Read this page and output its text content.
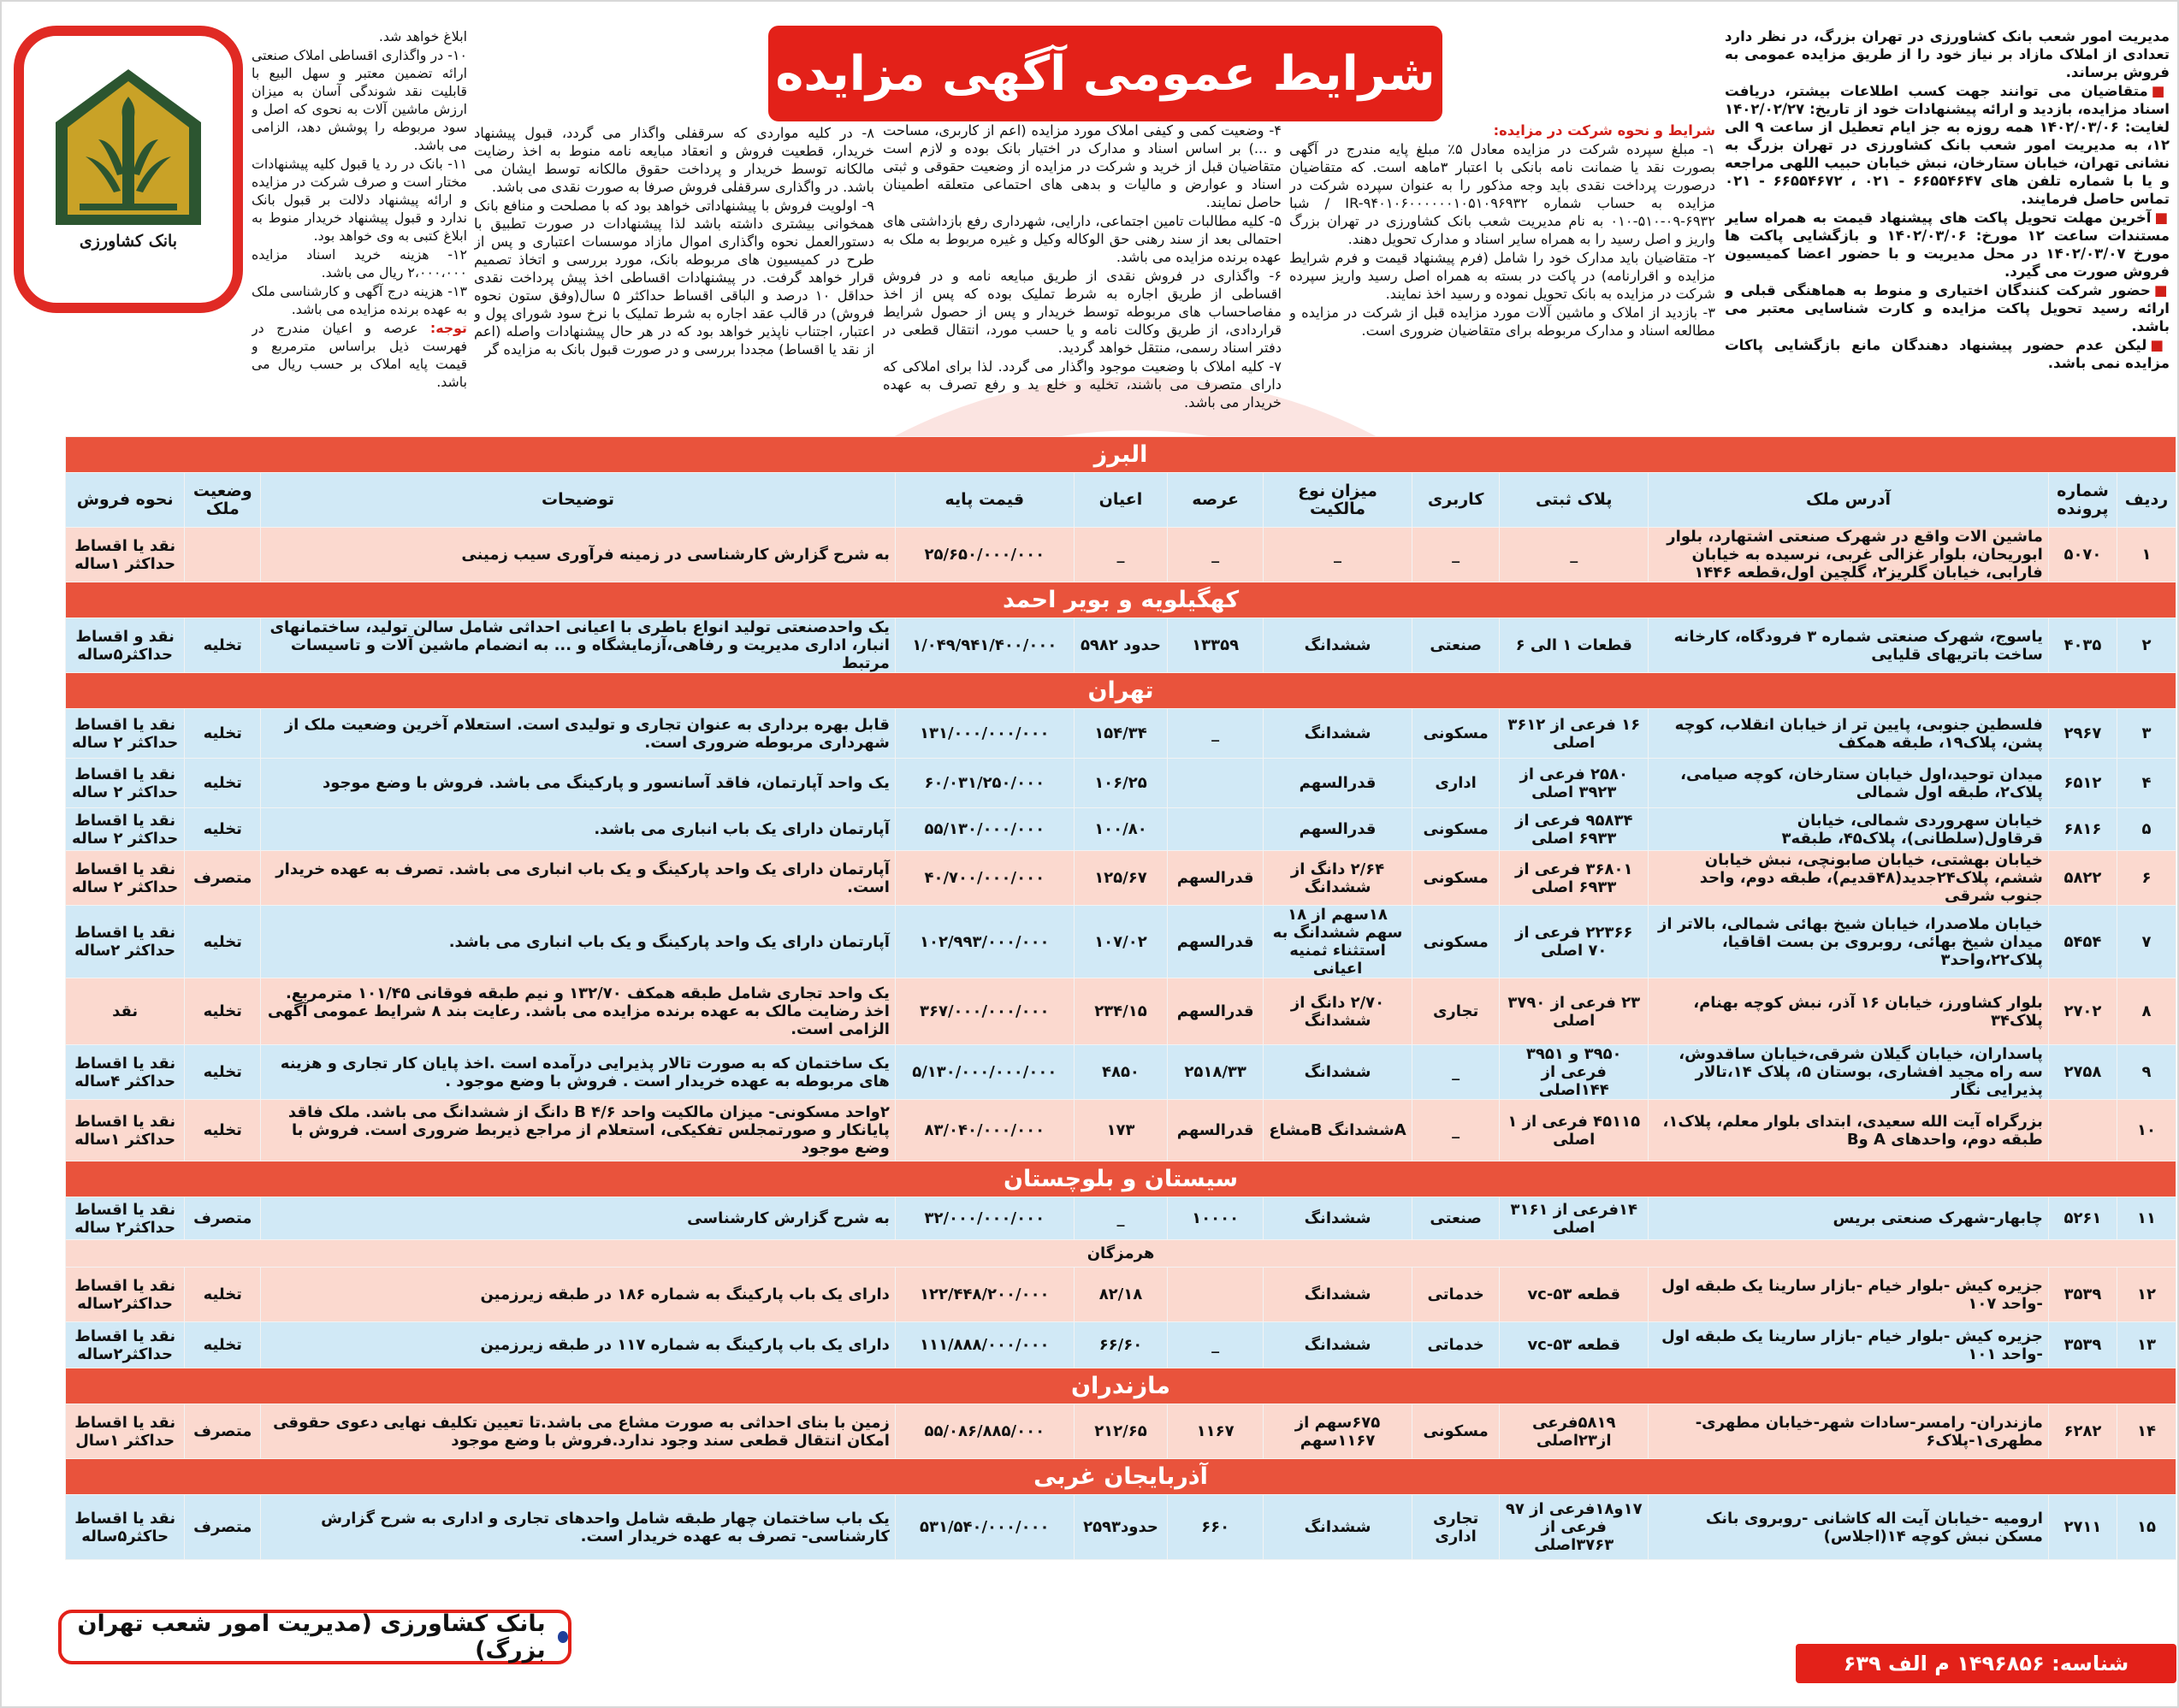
مدیریت امور شعب بانک کشاورزی در تهران بزرگ، در نظر دارد تعدادی از املاک مازاد بر نیاز خود را از طریق مزایده عمومی به فروش برساند.

■متقاضیان می توانند جهت کسب اطلاعات بیشتر، دریافت اسناد مزایده، بازدید و ارائه پیشنهادات خود از تاریخ: ۱۴۰۲/۰۲/۲۷ لغایت: ۱۴۰۲/۰۳/۰۶ همه روزه به جز ایام تعطیل از ساعت ۹ الی ۱۲، به مدیریت امور شعب بانک کشاورزی در تهران بزرگ به نشانی تهران، خیابان ستارخان، نبش خیابان حبیب اللهی مراجعه و یا با شماره تلفن های ۶۶۵۵۴۶۴۷ - ۰۲۱ ، ۶۶۵۵۴۶۷۲ - ۰۲۱ تماس حاصل فرمایند.

■آخرین مهلت تحویل پاکت های پیشنهاد قیمت به همراه سایر مستندات ساعت ۱۲ مورخ: ۱۴۰۲/۰۳/۰۶ و بازگشایی پاکت ها مورخ ۱۴۰۲/۰۳/۰۷ در محل مدیریت و با حضور اعضا کمیسیون فروش صورت می گیرد.

■حضور شرکت کنندگان اختیاری و منوط به هماهنگی قبلی و ارائه رسید تحویل پاکت مزایده و کارت شناسایی معتبر می باشد.

■لیکن عدم حضور پیشنهاد دهندگان مانع بازگشایی پاکات مزایده نمی باشد.

شرایط عمومی آگهی مزایده

شرایط و نحوه شرکت در مزایده:

۱- مبلغ سپرده شرکت در مزایده معادل ۵٪ مبلغ پایه مندرج در آگهی بصورت نقد یا ضمانت نامه بانکی با اعتبار ۳ماهه است. که متقاضیان درصورت پرداخت نقدی باید وجه مذکور را به عنوان سپرده شرکت در مزایده به حساب شماره IR-۹۴۰۱۰۶۰۰۰۰۰۰۱۰۵۱۰۹۶۹۳۲ / شبا ۶۹۳۲-۰۹-۵۱۰-۰۱۰ به نام مدیریت شعب بانک کشاورزی در تهران بزرگ واریز و اصل رسید را به همراه سایر اسناد و مدارک تحویل دهند.

۲- متقاضیان باید مدارک خود را شامل (فرم پیشنهاد قیمت و فرم شرایط مزایده و اقرارنامه) در پاکت در بسته به همراه اصل رسید واریز سپرده شرکت در مزایده به بانک تحویل نموده و رسید اخذ نمایند.

۳- بازدید از املاک و ماشین آلات مورد مزایده قبل از شرکت در مزایده و مطالعه اسناد و مدارک مربوطه برای متقاضیان ضروری است.

۴- وضعیت کمی و کیفی املاک مورد مزایده (اعم از کاربری، مساحت و ...) بر اساس اسناد و مدارک در اختیار بانک بوده و لازم است متقاضیان قبل از خرید و شرکت در مزایده از وضعیت حقوقی و ثبتی اسناد و عوارض و مالیات و بدهی های احتماعی متعلقه اطمینان حاصل نمایند.

۵- کلیه مطالبات تامین اجتماعی، دارایی، شهرداری رفع بازداشتی های احتمالی بعد از سند رهنی حق الوکاله وکیل و غیره مربوط به ملک به عهده برنده مزایده می باشد.

۶- واگذاری در فروش نقدی از طریق مبایعه نامه و در فروش اقساطی از طریق اجاره به شرط تملیک بوده که پس از اخذ مفاصاحساب های مربوطه توسط خریدار و پس از حصول شرایط قراردادی، از طریق وکالت نامه و یا حسب مورد، انتقال قطعی در دفتر اسناد رسمی، منتقل خواهد گردید.

۷- کلیه املاک با وضعیت موجود واگذار می گردد. لذا برای املاکی که دارای متصرف می باشند، تخلیه و خلع ید و رفع تصرف به عهده خریدار می باشد.

۸- در کلیه مواردی که سرقفلی واگذار می گردد، قبول پیشنهاد خریدار، قطعیت فروش و انعقاد مبایعه نامه منوط به اخذ رضایت مالکانه توسط خریدار و پرداخت حقوق مالکانه توسط ایشان می باشد. در واگذاری سرقفلی فروش صرفا به صورت نقدی می باشد.

۹- اولویت فروش با پیشنهاداتی خواهد بود که با مصلحت و منافع بانک همخوانی بیشتری داشته باشد لذا پیشنهادات در صورت تطبیق با دستورالعمل نحوه واگذاری اموال مازاد موسسات اعتباری و پس از طرح در کمیسیون های مربوطه بانک، مورد بررسی و اتخاذ تصمیم قرار خواهد گرفت. در پیشنهادات اقساطی اخذ پیش پرداخت نقدی حداقل ۱۰ درصد و الباقی اقساط حداکثر ۵ سال(وفق ستون نحوه فروش) در قالب عقد اجاره به شرط تملیک با نرخ سود شورای پول و اعتبار، اجتناب ناپذیر خواهد بود که در هر حال پیشنهادات واصله (اعم از نقد یا اقساط) مجددا بررسی و در صورت قبول بانک به مزایده گر

ابلاغ خواهد شد.

۱۰- در واگذاری اقساطی املاک صنعتی ارائه تضمین معتبر و سهل البیع با قابلیت نقد شوندگی آسان به میزان ارزش ماشین آلات به نحوی که اصل و سود مربوطه را پوشش دهد، الزامی می باشد.

۱۱- بانک در رد یا قبول کلیه پیشنهادات مختار است و صرف شرکت در مزایده و ارائه پیشنهاد دلالت بر قبول بانک ندارد و قبول پیشنهاد خریدار منوط به ابلاغ کتبی به وی خواهد بود.

۱۲- هزینه خرید اسناد مزایده ۲،۰۰۰،۰۰۰ ریال می باشد.

۱۳- هزینه درج آگهی و کارشناسی ملک به عهده برنده مزایده می باشد.

توجه: عرصه و اعیان مندرج در فهرست ذیل براساس مترمربع و قیمت پایه املاک بر حسب ریال می باشد.

بانک کشاورزی
البرز											
ردیف	شماره پرونده	آدرس ملک	پلاک ثبتی	کاربری	میزان نوع مالکیت	عرصه	اعیان	قیمت پایه	توضیحات	وضعیت ملک	نحوه فروش
۱	۵۰۷۰	ماشین الات واقع در شهرک صنعتی اشتهارد، بلوار ابوریحان، بلوار غزالی غربی، نرسیده به خیابان فارابی، خیابان گلریز۲، گلچین اول،قطعه ۱۴۴۶	_	_	_	_	_	۲۵/۶۵۰/۰۰۰/۰۰۰	به شرح گزارش کارشناسی در زمینه فرآوری سیب زمینی		نقد یا اقساط حداکثر ۱ساله
کهگیلویه و بویر احمد											
۲	۴۰۳۵	یاسوج، شهرک صنعتی شماره ۳ فرودگاه، کارخانه ساخت باتریهای قلیایی	قطعات ۱ الی ۶	صنعتی	ششدانگ	۱۳۳۵۹	حدود ۵۹۸۲	۱/۰۴۹/۹۴۱/۴۰۰/۰۰۰	یک واحدصنعتی تولید انواع باطری با اعیانی احداثی شامل سالن تولید، ساختمانهای انبار، اداری مدیریت و رفاهی،آزمایشگاه و ... به انضمام ماشین آلات و تاسیسات مرتبط	تخلیه	نقد و اقساط حداکثر۵ساله
تهران											
۳	۲۹۶۷	فلسطین جنوبی، پایین تر از خیابان انقلاب، کوچه پشن، پلاک۱۹، طبقه همکف	۱۶ فرعی از ۳۶۱۲ اصلی	مسکونی	ششدانگ	_	۱۵۴/۳۴	۱۳۱/۰۰۰/۰۰۰/۰۰۰	قابل بهره برداری به عنوان تجاری و تولیدی است. استعلام آخرین وضعیت ملک از شهرداری مربوطه ضروری است.	تخلیه	نقد یا اقساط حداکثر ۲ ساله
۴	۶۵۱۲	میدان توحید،اول خیابان ستارخان، کوچه صیامی، پلاک۲، طبقه اول شمالی	۲۵۸۰ فرعی از ۳۹۲۳ اصلی	اداری	قدرالسهم		۱۰۶/۲۵	۶۰/۰۳۱/۲۵۰/۰۰۰	یک واحد آپارتمان، فاقد آسانسور و پارکینگ می باشد. فروش با وضع موجود	تخلیه	نقد یا اقساط حداکثر ۲ ساله
۵	۶۸۱۶	خیابان سهروردی شمالی، خیابان قرقاول(سلطانی)، پلاک۴۵، طبقه۳	۹۵۸۳۴ فرعی از ۶۹۳۳ اصلی	مسکونی	قدرالسهم		۱۰۰/۸۰	۵۵/۱۳۰/۰۰۰/۰۰۰	آپارتمان دارای یک باب انباری می باشد.	تخلیه	نقد یا اقساط حداکثر ۲ ساله
۶	۵۸۲۲	خیابان بهشتی، خیابان صابونچی، نبش خیابان ششم، پلاک۲۴جدید(۴۸قدیم)، طبقه دوم، واحد جنوب شرقی	۳۶۸۰۱ فرعی از ۶۹۳۳ اصلی	مسکونی	۲/۶۴ دانگ از ششدانگ	قدرالسهم	۱۲۵/۶۷	۴۰/۷۰۰/۰۰۰/۰۰۰	آپارتمان دارای یک واحد پارکینگ و یک باب انباری می باشد. تصرف به عهده خریدار است.	متصرف	نقد یا اقساط حداکثر ۲ ساله
۷	۵۴۵۴	خیابان ملاصدرا، خیابان شیخ بهائی شمالی، بالاتر از میدان شیخ بهائی، روبروی بن بست اقاقیا، پلاک۲۲،واحد۳	۲۲۳۶۶ فرعی از ۷۰ اصلی	مسکونی	۱۸سهم از ۱۸ سهم ششدانگ به استثناء ثمنیه اعیانی	قدرالسهم	۱۰۷/۰۲	۱۰۲/۹۹۳/۰۰۰/۰۰۰	آپارتمان دارای یک واحد پارکینگ و یک باب انباری می باشد.	تخلیه	نقد یا اقساط حداکثر ۲ساله
۸	۲۷۰۲	بلوار کشاورز، خیابان ۱۶ آذر، نبش کوچه بهنام، پلاک۳۴	۲۳ فرعی از ۳۷۹۰ اصلی	تجاری	۲/۷۰ دانگ از ششدانگ	قدرالسهم	۲۳۴/۱۵	۳۶۷/۰۰۰/۰۰۰/۰۰۰	یک واحد تجاری شامل طبقه همکف ۱۳۲/۷۰ و نیم طبقه فوقانی ۱۰۱/۴۵ مترمربع. اخذ رضایت مالک به عهده برنده مزایده می باشد. رعایت بند ۸ شرایط عمومی آگهی الزامی است.	تخلیه	نقد
۹	۲۷۵۸	پاسداران، خیابان گیلان شرقی،خیابان ساقدوش، سه راه مجید افشاری، بوستان ۵، پلاک ۱۴،تالار پذیرایی نگار	۳۹۵۰ و ۳۹۵۱ فرعی از ۱۴۴اصلی	_	ششدانگ	۲۵۱۸/۳۳	۴۸۵۰	۵/۱۳۰/۰۰۰/۰۰۰/۰۰۰	یک ساختمان که به صورت تالار پذیرایی درآمده است .اخذ پایان کار تجاری و هزینه های مربوطه به عهده خریدار است . فروش با وضع موجود .	تخلیه	نقد یا اقساط حداکثر ۴ساله
۱۰		بزرگراه آیت الله سعیدی، ابتدای بلوار معلم، پلاک۱، طبقه دوم، واحدهای A وB	۴۵۱۱۵ فرعی از ۱ اصلی	_	Aششدانگ Bمشاع	قدرالسهم	۱۷۳	۸۳/۰۴۰/۰۰۰/۰۰۰	۲واحد مسکونی- میزان مالکیت واحد B ۴/۶ دانگ از ششدانگ می باشد. ملک فاقد پایانکار و صورتمجلس تفکیکی، استعلام از مراجع ذیربط ضروری است. فروش با وضع موجود	تخلیه	نقد یا اقساط حداکثر ۱ساله
سیستان و بلوچستان											
۱۱	۵۲۶۱	چابهار-شهرک صنعتی بریس	۱۴فرعی از ۳۱۶۱ اصلی	صنعتی	ششدانگ	۱۰۰۰۰	_	۳۲/۰۰۰/۰۰۰/۰۰۰	به شرح گزارش کارشناسی	متصرف	نقد یا اقساط حداکثر۲ ساله
هرمزگان											
۱۲	۳۵۳۹	جزیره کیش -بلوار خیام -بازار سارینا یک طبقه اول -واحد ۱۰۷	قطعه ۵۳-vc	خدماتی	ششدانگ		۸۲/۱۸	۱۲۲/۴۴۸/۲۰۰/۰۰۰	دارای یک باب پارکینگ به شماره ۱۸۶ در طبقه زیرزمین	تخلیه	نقد یا اقساط حداکثر۲ساله
۱۳	۳۵۳۹	جزیره کیش -بلوار خیام -بازار سارینا یک طبقه اول -واحد ۱۰۱	قطعه ۵۳-vc	خدماتی	ششدانگ	_	۶۶/۶۰	۱۱۱/۸۸۸/۰۰۰/۰۰۰	دارای یک باب پارکینگ به شماره ۱۱۷ در طبقه زیرزمین	تخلیه	نقد یا اقساط حداکثر۲ساله
مازندران											
۱۴	۶۲۸۲	مازندران- رامسر-سادات شهر-خیابان مطهری-مطهری۱-پلاک۶	۵۸۱۹فرعی از۲۳اصلی	مسکونی	۶۷۵سهم از ۱۱۶۷سهم	۱۱۶۷	۲۱۲/۶۵	۵۵/۰۸۶/۸۸۵/۰۰۰	زمین با بنای احداثی به صورت مشاع می باشد.تا تعیین تکلیف نهایی دعوی حقوقی امکان انتقال قطعی سند وجود ندارد.فروش با وضع موجود	متصرف	نقد یا اقساط حداکثر ۱سال
آذربایجان غربی											
۱۵	۲۷۱۱	ارومیه -خیابان آیت اله کاشانی -روبروی بانک مسکن نبش کوچه ۱۴(اجلاس)	۱۷و۱۸فرعی از ۹۷ فرعی از ۳۷۶۳اصلی	تجاری اداری	ششدانگ	۶۶۰	حدود۲۵۹۳	۵۳۱/۵۴۰/۰۰۰/۰۰۰	یک باب ساختمان چهار طبقه شامل واحدهای تجاری و اداری به شرح گزارش کارشناسی- تصرف به عهده خریدار است.	متصرف	نقد یا اقساط حاکثر۵ساله
شناسه: ۱۴۹۶۸۵۶ م الف ۶۳۹
بانک کشاورزی (مدیریت امور شعب تهران بزرگ)
